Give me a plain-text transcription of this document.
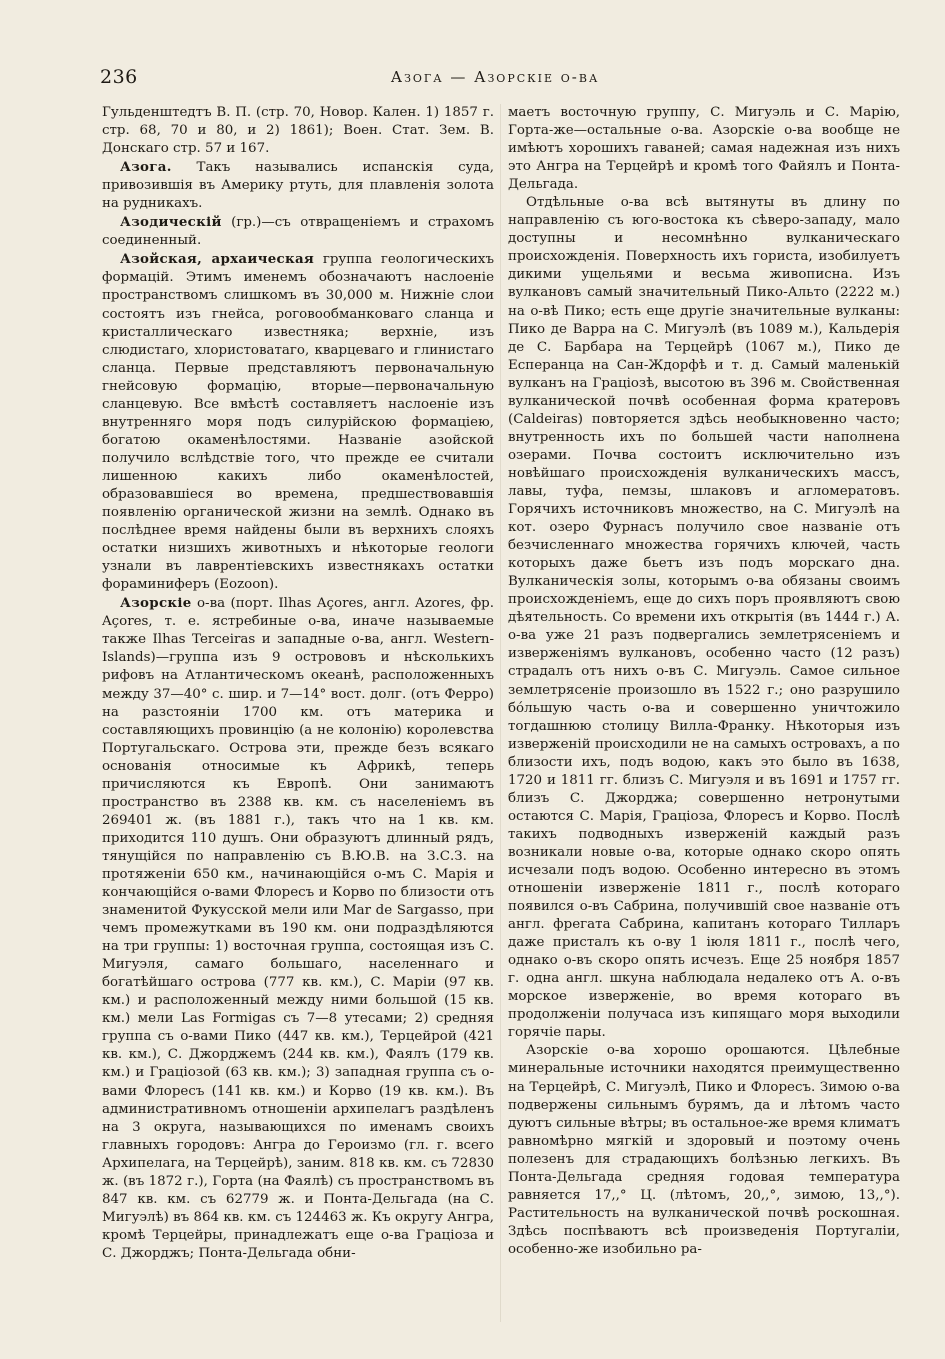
236	Азога — Азорскіе о-ва

Гульденштедтъ В. П. (стр. 70, Новор. Кален. 1) 1857 г. стр. 68, 70 и 80, и 2) 1861); Воен. Стат. Зем. В. Донскаго стр. 57 и 167.

Азога. Такъ назывались испанскія суда, привозившія въ Америку ртуть, для плавленія золота на рудникахъ.

Азодическій (гр.)—съ отвращеніемъ и страхомъ соединенный.

Азойская, архаическая группа геологическихъ формацій. Этимъ именемъ обозначаютъ наслоеніе пространствомъ слишкомъ въ 30,000 м. Нижніе слои состоятъ изъ гнейса, роговообманковаго сланца и кристаллическаго известняка; верхніе, изъ слюдистаго, хлористоватаго, кварцеваго и глинистаго сланца. Первые представляютъ первоначальную гнейсовую формацію, вторые—первоначальную сланцевую. Все вмѣстѣ составляетъ наслоеніе изъ внутренняго моря подъ силурійскою формаціею, богатою окаменѣлостями. Названіе азойской получило вслѣдствіе того, что прежде ее считали лишенною какихъ либо окаменѣлостей, образовавшіеся во времена, предшествовавшія появленію органической жизни на землѣ. Однако въ послѣднее время найдены были въ верхнихъ слояхъ остатки низшихъ животныхъ и нѣкоторые геологи узнали въ лаврентіевскихъ известнякахъ остатки фораминиферъ (Eozoon).

Азорскіе о-ва (порт. Ilhas Açores, англ. Azores, фр. Açores, т. е. ястребиные о-ва, иначе называемые также Ilhas Terceiras и западные о-ва, англ. Western-Islands)—группа изъ 9 острововъ и нѣсколькихъ рифовъ на Атлантическомъ океанѣ, расположенныхъ между 37—40° с. шир. и 7—14° вост. долг. (отъ Ферро) на разстояніи 1700 км. отъ материка и составляющихъ провинцію (а не колонію) королевства Португальскаго. Острова эти, прежде безъ всякаго основанія относимые къ Африкѣ, теперь причисляются къ Европѣ. Они занимаютъ пространство въ 2388 кв. км. съ населеніемъ въ 269401 ж. (въ 1881 г.), такъ что на 1 кв. км. приходится 110 душъ. Они образуютъ длинный рядъ, тянущійся по направленію съ В.Ю.В. на З.С.З. на протяженіи 650 км., начинающійся о-мъ С. Марія и кончающійся о-вами Флоресъ и Корво по близости отъ знаменитой Фукусской мели или Mar de Sargasso, при чемъ промежутками въ 190 км. они подраздѣляются на три группы: 1) восточная группа, состоящая изъ С. Мигуэля, самаго большаго, населеннаго и богатѣйшаго острова (777 кв. км.), С. Маріи (97 кв. км.) и расположенный между ними большой (15 кв. км.) мели Las Formigas съ 7—8 утесами; 2) средняя группа съ о-вами Пико (447 кв. км.), Терцейрой (421 кв. км.), С. Джорджемъ (244 кв. км.), Фаялъ (179 кв. км.) и Граціозой (63 кв. км.); 3) западная группа съ о-вами Флоресъ (141 кв. км.) и Корво (19 кв. км.). Въ административномъ отношеніи архипелагъ раздѣленъ на 3 округа, называющихся по именамъ своихъ главныхъ городовъ: Ангра до Героизмо (гл. г. всего Архипелага, на Терцейрѣ), заним. 818 кв. км. съ 72830 ж. (въ 1872 г.), Горта (на Фаялѣ) съ пространствомъ въ 847 кв. км. съ 62779 ж. и Понта-Дельгада (на С. Мигуэлѣ) въ 864 кв. км. съ 124463 ж. Къ округу Ангра, кромѣ Терцейры, принадлежатъ еще о-ва Граціоза и С. Джорджъ; Понта-Дельгада обни-

маетъ восточную группу, С. Мигуэль и С. Марію, Горта-же—остальные о-ва. Азорскіе о-ва вообще не имѣютъ хорошихъ гаваней; самая надежная изъ нихъ это Ангра на Терцейрѣ и кромѣ того Файялъ и Понта-Дельгада.

Отдѣльные о-ва всѣ вытянуты въ длину по направленію съ юго-востока къ сѣверо-западу, мало доступны и несомнѣнно вулканическаго происхожденія. Поверхность ихъ гориста, изобилуетъ дикими ущельями и весьма живописна. Изъ вулкановъ самый значительный Пико-Альто (2222 м.) на о-вѣ Пико; есть еще другіе значительные вулканы: Пико де Варра на С. Мигуэлѣ (въ 1089 м.), Кальдерія де С. Барбара на Терцейрѣ (1067 м.), Пико де Есперанца на Сан-Ждорфѣ и т. д. Самый маленькій вулканъ на Граціозѣ, высотою въ 396 м. Свойственная вулканической почвѣ особенная форма кратеровъ (Caldeiras) повторяется здѣсь необыкновенно часто; внутренность ихъ по большей части наполнена озерами. Почва состоитъ исключительно изъ новѣйшаго происхожденія вулканическихъ массъ, лавы, туфа, пемзы, шлаковъ и агломератовъ. Горячихъ источниковъ множество, на С. Мигуэлѣ на кот. озеро Фурнасъ получило свое названіе отъ безчисленнаго множества горячихъ ключей, часть которыхъ даже бьетъ изъ подъ морскаго дна. Вулканическія золы, которымъ о-ва обязаны своимъ происхожденіемъ, еще до сихъ поръ проявляютъ свою дѣятельность. Со времени ихъ открытія (въ 1444 г.) А. о-ва уже 21 разъ подвергались землетрясеніемъ и изверженіямъ вулкановъ, особенно часто (12 разъ) страдалъ отъ нихъ о-въ С. Мигуэль. Самое сильное землетрясеніе произошло въ 1522 г.; оно разрушило бóльшую часть о-ва и совершенно уничтожило тогдашнюю столицу Вилла-Франку. Нѣкоторыя изъ изверженій происходили не на самыхъ островахъ, а по близости ихъ, подъ водою, какъ это было въ 1638, 1720 и 1811 гг. близъ С. Мигуэля и въ 1691 и 1757 гг. близъ С. Джорджа; совершенно нетронутыми остаются С. Марія, Граціоза, Флоресъ и Корво. Послѣ такихъ подводныхъ изверженій каждый разъ возникали новые о-ва, которые однако скоро опять исчезали подъ водою. Особенно интересно въ этомъ отношеніи изверженіе 1811 г., послѣ котораго появился о-въ Сабрина, получившій свое названіе отъ англ. фрегата Сабрина, капитанъ котораго Тилларъ даже присталъ къ о-ву 1 іюля 1811 г., послѣ чего, однако о-въ скоро опять исчезъ. Еще 25 ноября 1857 г. одна англ. шкуна наблюдала недалеко отъ А. о-въ морское изверженіе, во время котораго въ продолженіи получаса изъ кипящаго моря выходили горячіе пары.

Азорскіе о-ва хорошо орошаются. Цѣлебные минеральные источники находятся преимущественно на Терцейрѣ, С. Мигуэлѣ, Пико и Флоресъ. Зимою о-ва подвержены сильнымъ бурямъ, да и лѣтомъ часто дуютъ сильные вѣтры; въ остальное-же время климатъ равномѣрно мягкій и здоровый и поэтому очень полезенъ для страдающихъ болѣзнью легкихъ. Въ Понта-Дельгада средняя годовая температура равняется 17,,° Ц. (лѣтомъ, 20,,°, зимою, 13,,°). Растительность на вулканической почвѣ роскошная. Здѣсь поспѣваютъ всѣ произведенія Португаліи, особенно-же изобильно ра-
